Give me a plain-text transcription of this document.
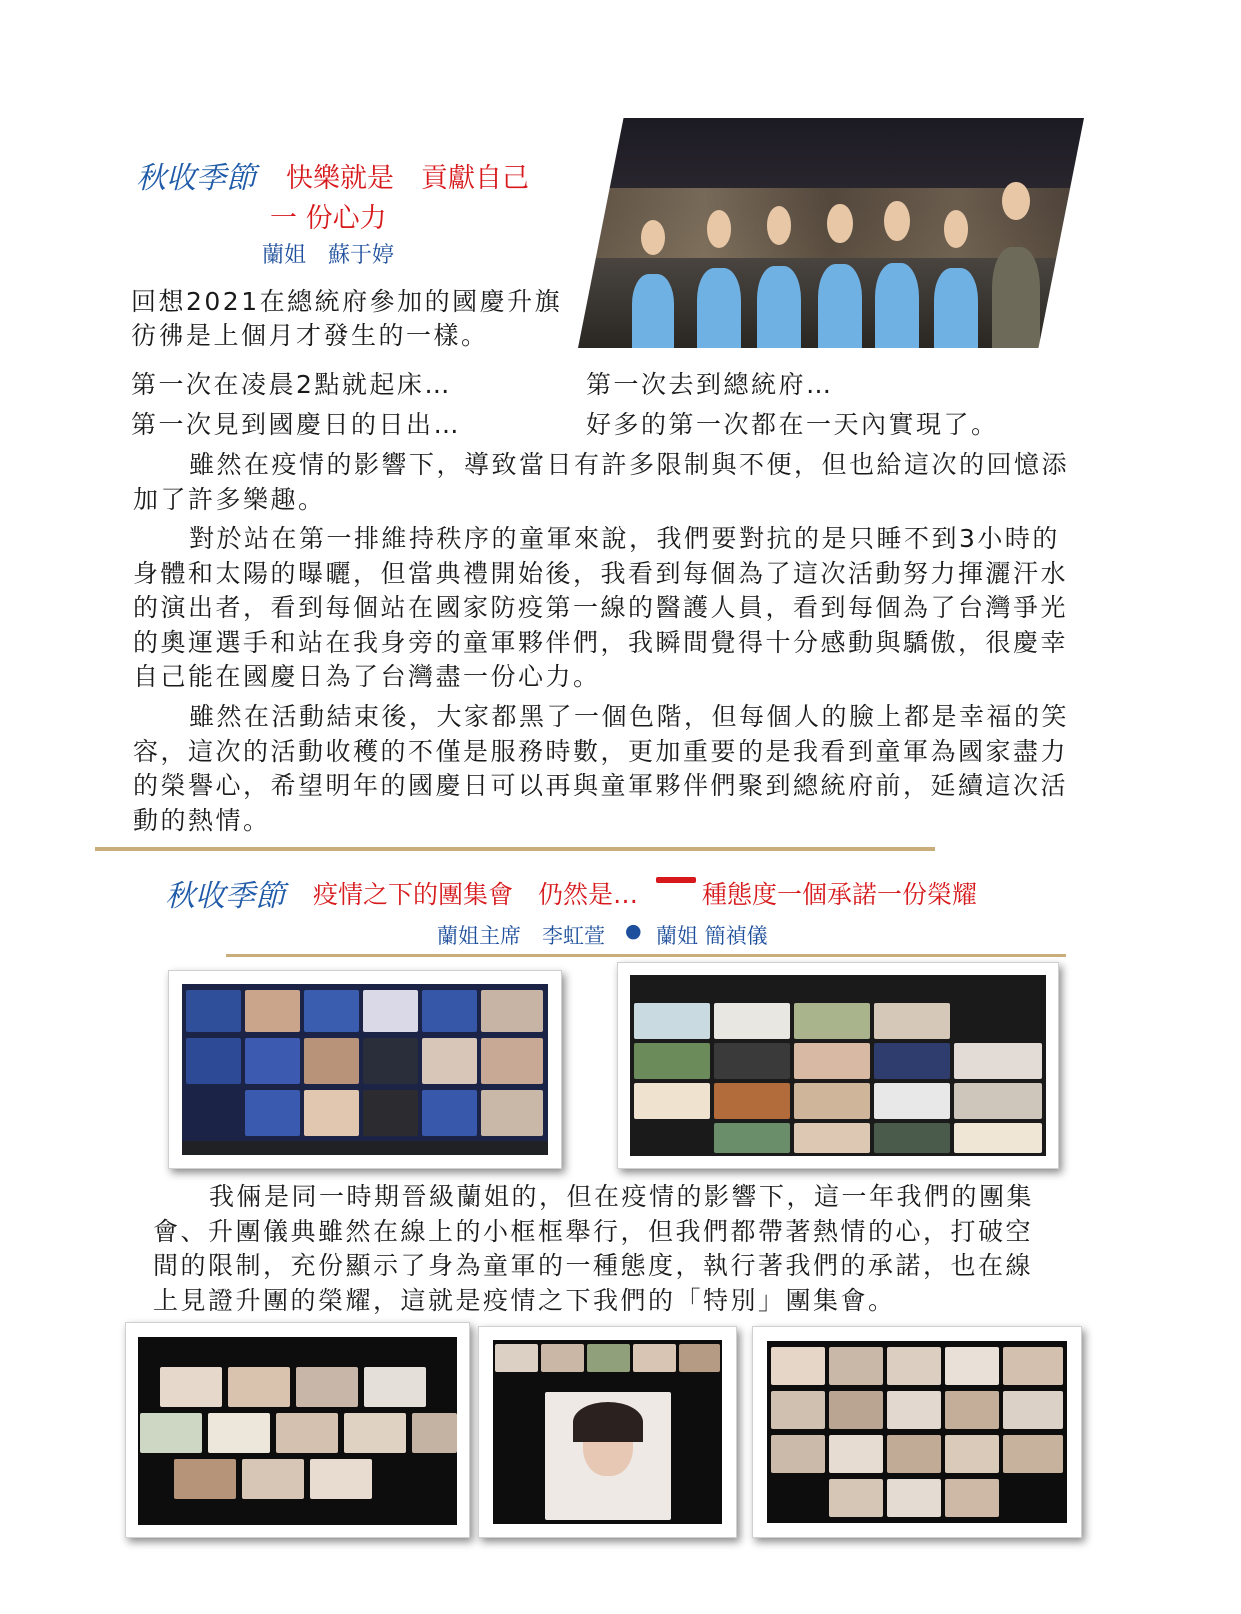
秋收季節 快樂就是　貢獻自己
一 份心力
蘭姐　蘇于婷
回想2021在總統府參加的國慶升旗
彷彿是上個月才發生的一樣。
第一次在凌晨2點就起床…	第一次去到總統府…
第一次見到國慶日的日出…	好多的第一次都在一天內實現了。
雖然在疫情的影響下，導致當日有許多限制與不便，但也給這次的回憶添加了許多樂趣。
對於站在第一排維持秩序的童軍來說，我們要對抗的是只睡不到3小時的身體和太陽的曝曬，但當典禮開始後，我看到每個為了這次活動努力揮灑汗水的演出者，看到每個站在國家防疫第一線的醫護人員，看到每個為了台灣爭光的奧運選手和站在我身旁的童軍夥伴們，我瞬間覺得十分感動與驕傲，很慶幸自己能在國慶日為了台灣盡一份心力。
雖然在活動結束後，大家都黑了一個色階，但每個人的臉上都是幸福的笑容，這次的活動收穫的不僅是服務時數，更加重要的是我看到童軍為國家盡力的榮譽心，希望明年的國慶日可以再與童軍夥伴們聚到總統府前，延續這次活動的熱情。
秋收季節 疫情之下的團集會　仍然是…	種態度一個承諾一份榮耀
蘭姐主席　李虹萱 ● 蘭姐 簡禎儀
我倆是同一時期晉級蘭姐的，但在疫情的影響下，這一年我們的團集會、升團儀典雖然在線上的小框框舉行，但我們都帶著熱情的心，打破空間的限制，充份顯示了身為童軍的一種態度，執行著我們的承諾，也在線上見證升團的榮耀，這就是疫情之下我們的「特別」團集會。
